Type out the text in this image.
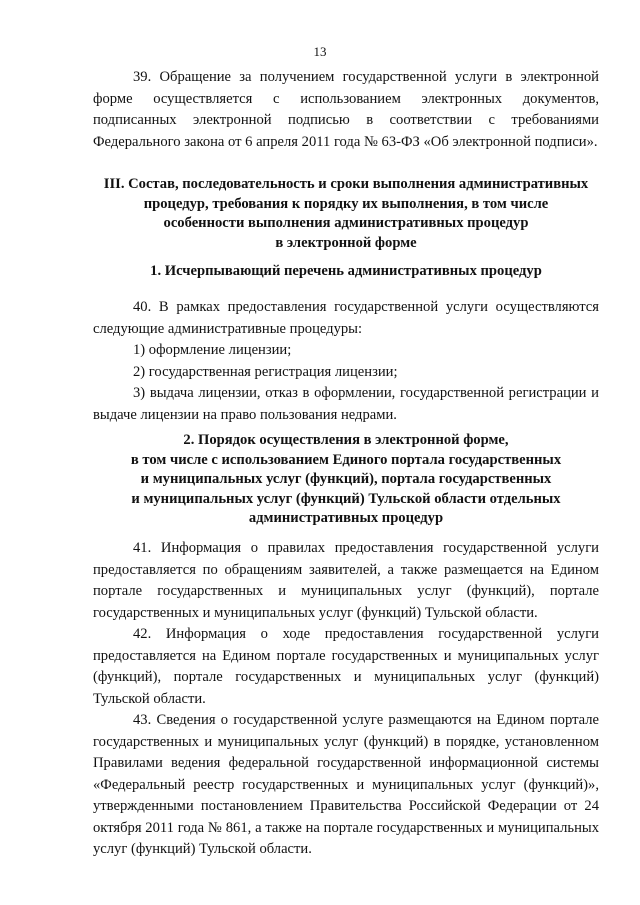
13

39. Обращение за получением государственной услуги в электронной форме осуществляется с использованием электронных документов, подписанных электронной подписью в соответствии с требованиями Федерального закона от 6 апреля 2011 года № 63-ФЗ «Об электронной подписи».

III. Состав, последовательность и сроки выполнения административных
процедур, требования к порядку их выполнения, в том числе
особенности выполнения административных процедур
в электронной форме
1. Исчерпывающий перечень административных процедур

40. В рамках предоставления государственной услуги осуществляются следующие административные процедуры:

1) оформление лицензии;

2) государственная регистрация лицензии;

3) выдача лицензии, отказ в оформлении, государственной регистрации и выдаче лицензии на право пользования недрами.

2. Порядок осуществления в электронной форме,
в том числе с использованием Единого портала государственных
и муниципальных услуг (функций), портала государственных
и муниципальных услуг (функций) Тульской области отдельных
административных процедур

41. Информация о правилах предоставления государственной услуги предоставляется по обращениям заявителей, а также размещается на Едином портале государственных и муниципальных услуг (функций), портале государственных и муниципальных услуг (функций) Тульской области.

42. Информация о ходе предоставления государственной услуги предоставляется на Едином портале государственных и муниципальных услуг (функций), портале государственных и муниципальных услуг (функций) Тульской области.

43. Сведения о государственной услуге размещаются на Едином портале государственных и муниципальных услуг (функций) в порядке, установленном Правилами ведения федеральной государственной информационной системы «Федеральный реестр государственных и муниципальных услуг (функций)», утвержденными постановлением Правительства Российской Федерации от 24 октября 2011 года № 861, а также на портале государственных и муниципальных услуг (функций) Тульской области.
